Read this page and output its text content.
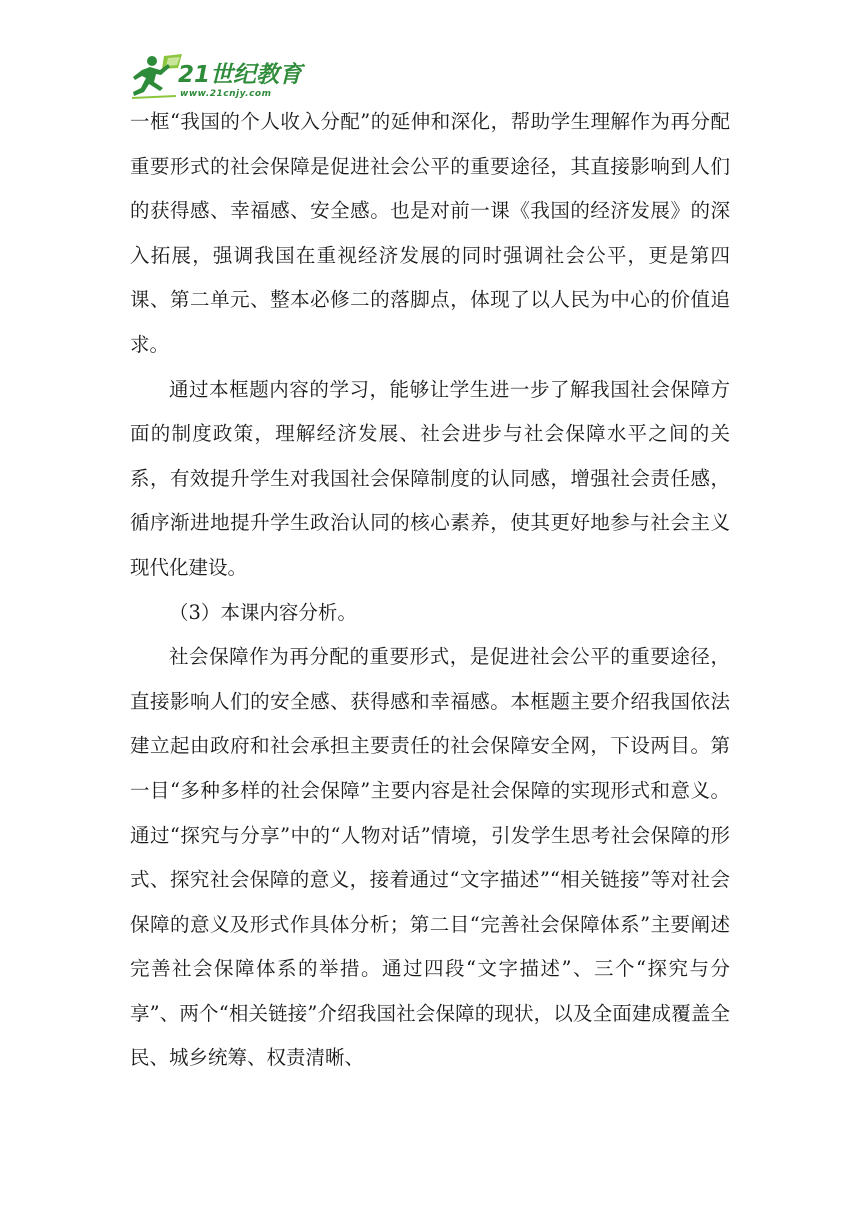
21世纪教育
www.21cnjy.com

一框“我国的个人收入分配”的延伸和深化，帮助学生理解作为再分配重要形式的社会保障是促进社会公平的重要途径，其直接影响到人们的获得感、幸福感、安全感。也是对前一课《我国的经济发展》的深入拓展，强调我国在重视经济发展的同时强调社会公平，更是第四课、第二单元、整本必修二的落脚点，体现了以人民为中心的价值追求。

通过本框题内容的学习，能够让学生进一步了解我国社会保障方面的制度政策，理解经济发展、社会进步与社会保障水平之间的关系，有效提升学生对我国社会保障制度的认同感，增强社会责任感，循序渐进地提升学生政治认同的核心素养，使其更好地参与社会主义现代化建设。

（3）本课内容分析。

社会保障作为再分配的重要形式，是促进社会公平的重要途径，直接影响人们的安全感、获得感和幸福感。本框题主要介绍我国依法建立起由政府和社会承担主要责任的社会保障安全网，下设两目。第一目“多种多样的社会保障”主要内容是社会保障的实现形式和意义。通过“探究与分享”中的“人物对话”情境，引发学生思考社会保障的形式、探究社会保障的意义，接着通过“文字描述”“相关链接”等对社会保障的意义及形式作具体分析；第二目“完善社会保障体系”主要阐述完善社会保障体系的举措。通过四段“文字描述”、三个“探究与分享”、两个“相关链接”介绍我国社会保障的现状，以及全面建成覆盖全民、城乡统筹、权责清晰、
